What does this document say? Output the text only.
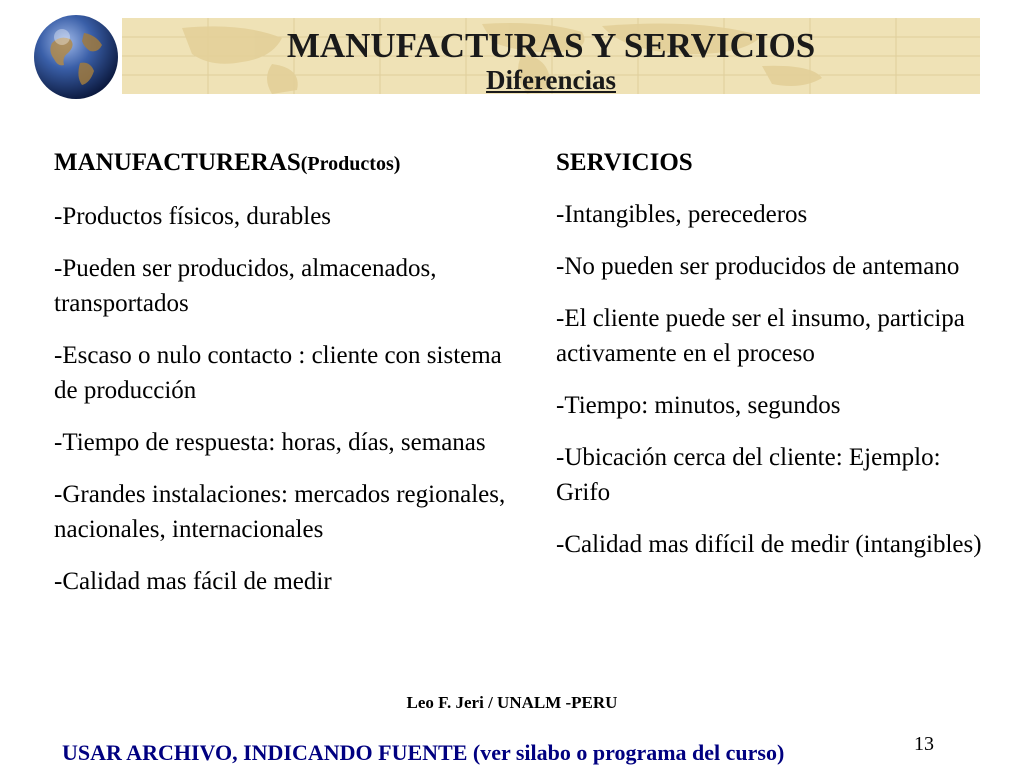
MANUFACTURAS Y SERVICIOS
Diferencias
MANUFACTURERAS(Productos)
-Productos físicos, durables
-Pueden ser producidos, almacenados, transportados
-Escaso o nulo contacto : cliente con sistema de producción
-Tiempo de respuesta: horas, días, semanas
-Grandes instalaciones: mercados regionales, nacionales, internacionales
-Calidad mas fácil de medir
SERVICIOS
-Intangibles, perecederos
-No pueden ser producidos de antemano
-El cliente puede ser el insumo, participa activamente en el proceso
-Tiempo: minutos, segundos
-Ubicación cerca del cliente: Ejemplo: Grifo
-Calidad mas difícil de medir (intangibles)
Leo F. Jeri / UNALM -PERU
13
USAR ARCHIVO, INDICANDO FUENTE (ver silabo o programa del curso)
